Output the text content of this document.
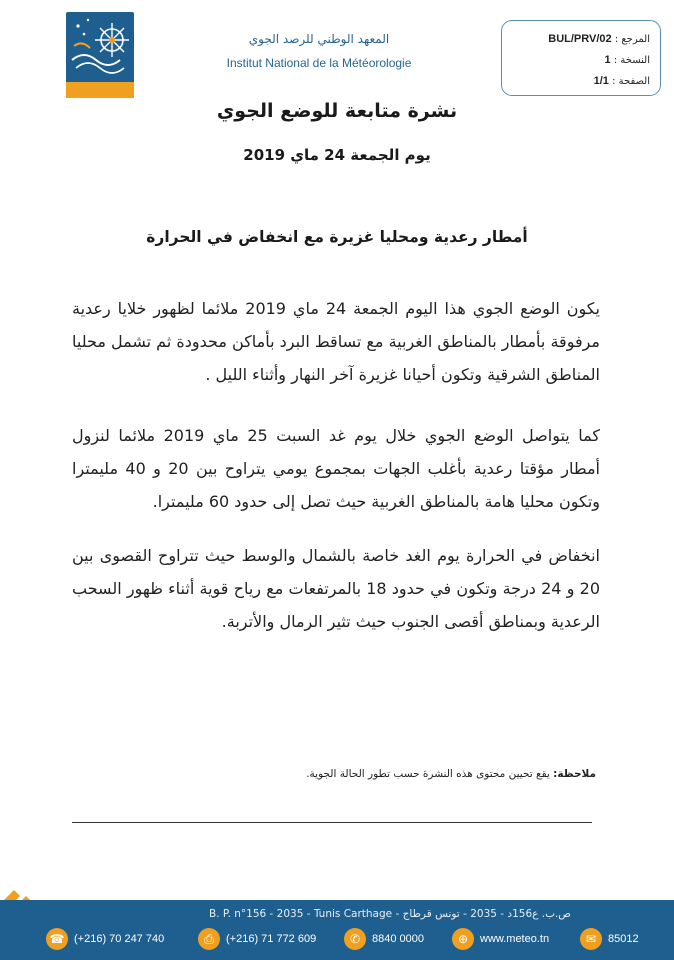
المعهد الوطني للرصد الجوي
Institut National de la Météorologie
المرجع : BUL/PRV/02
النسخة : 1
الصفحة : 1/1
نشرة متابعة للوضع الجوي
يوم الجمعة 24 ماي 2019
أمطار رعدية ومحليا غزيرة مع انخفاض في الحرارة
يكون الوضع الجوي هذا اليوم الجمعة 24 ماي 2019 ملائما لظهور خلايا رعدية مرفوقة بأمطار بالمناطق الغربية مع تساقط البرد بأماكن محدودة ثم تشمل محليا المناطق الشرقية وتكون أحيانا غزيرة آخر النهار وأثناء الليل .
كما يتواصل الوضع الجوي خلال يوم غد السبت 25 ماي 2019 ملائما لنزول أمطار مؤقتا رعدية بأغلب الجهات بمجموع يومي يتراوح بين 20 و 40 مليمترا وتكون محليا هامة بالمناطق الغربية حيث تصل إلى حدود 60 مليمترا.
انخفاض في الحرارة يوم الغد خاصة بالشمال والوسط حيث تتراوح القصوى بين 20 و 24 درجة وتكون في حدود 18 بالمرتفعات مع رياح قوية أثناء ظهور السحب الرعدية وبمناطق أقصى الجنوب حيث تثير الرمال والأتربة.
ملاحظة: يقع تحيين محتوى هذه النشرة حسب تطور الحالة الجوية.
ص.ب. ع156د - 2035 - تونس قرطاج - B. P. n°156 - 2035 - Tunis Carthage
☎ (+216) 70 247 740	⎙	(+216) 71 772 609	✆	8840 0000	⊕	www.meteo.tn	✉	85012
